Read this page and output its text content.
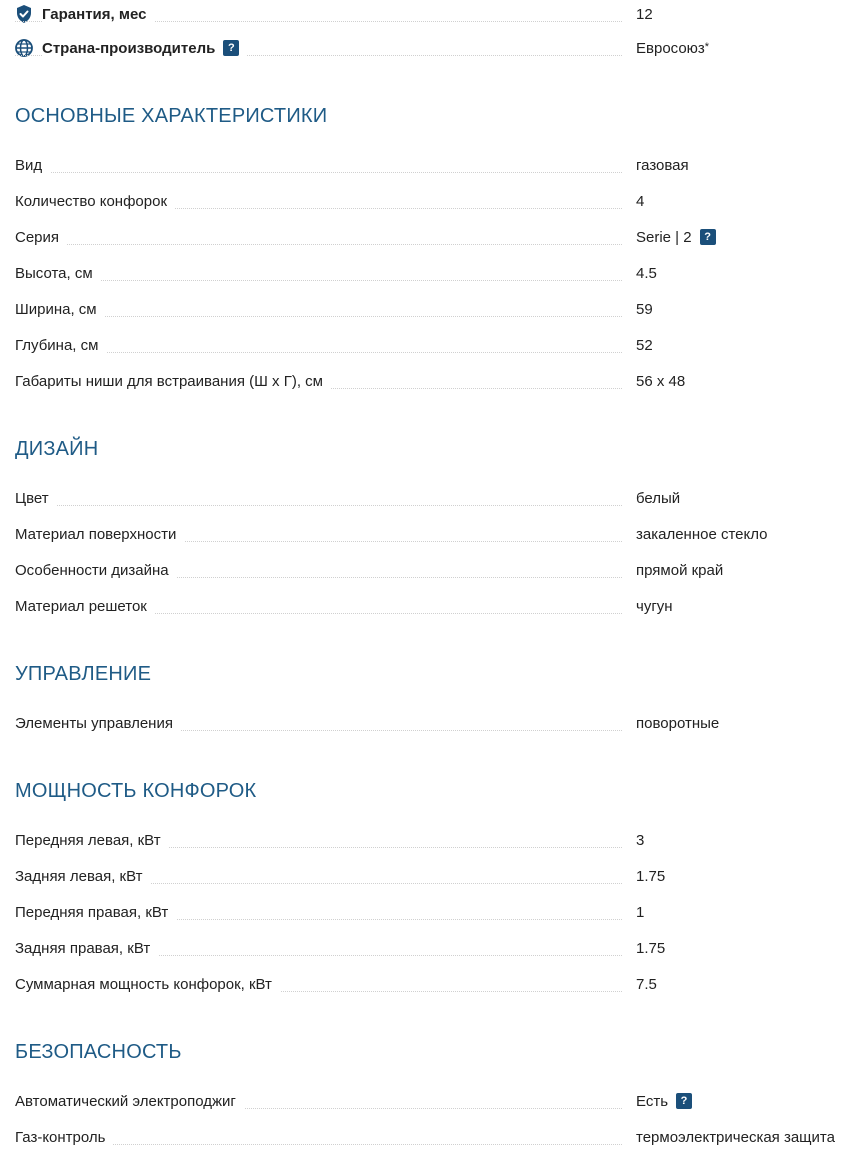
Гарантия, мес	12
Страна-производитель ?	Евросоюз*
ОСНОВНЫЕ ХАРАКТЕРИСТИКИ
Вид	газовая
Количество конфорок	4
Серия	Serie | 2 ?
Высота, см	4.5
Ширина, см	59
Глубина, см	52
Габариты ниши для встраивания (Ш х Г), см	56 x 48
ДИЗАЙН
Цвет	белый
Материал поверхности	закаленное стекло
Особенности дизайна	прямой край
Материал решеток	чугун
УПРАВЛЕНИЕ
Элементы управления	поворотные
МОЩНОСТЬ КОНФОРОК
Передняя левая, кВт	3
Задняя левая, кВт	1.75
Передняя правая, кВт	1
Задняя правая, кВт	1.75
Суммарная мощность конфорок, кВт	7.5
БЕЗОПАСНОСТЬ
Автоматический электроподжиг	Есть ?
Газ-контроль	термоэлектрическая защита
